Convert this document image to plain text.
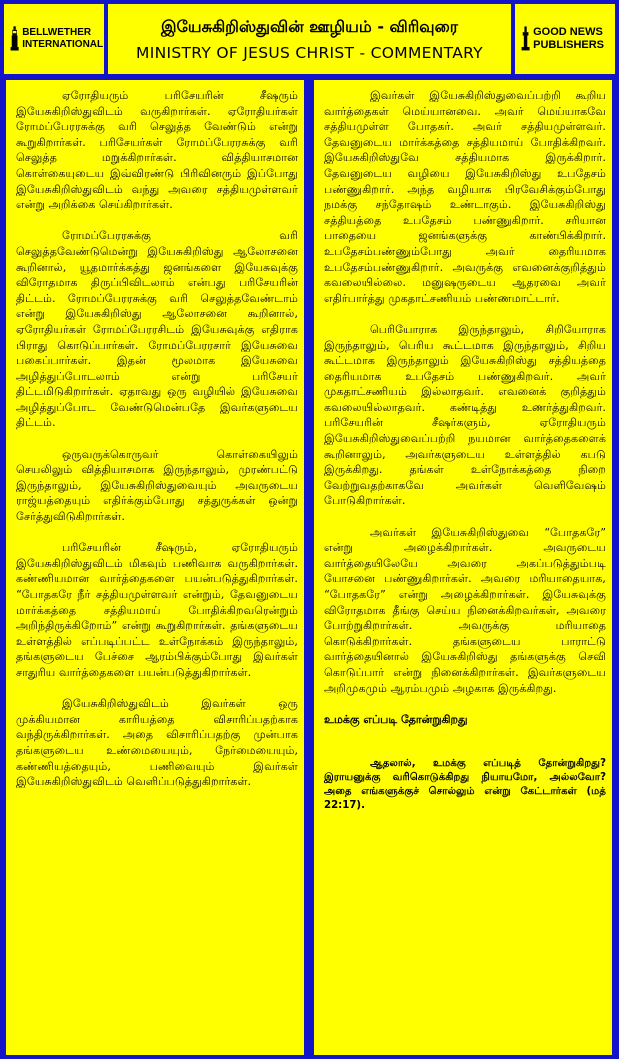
BELLWETHER INTERNATIONAL
இயேசுகிறிஸ்துவின் ஊழியம் - விரிவுரை
MINISTRY OF JESUS CHRIST - COMMENTARY
GOOD NEWS PUBLISHERS

ஏரோதியரும் பரிசேயரின் சீஷரும் இயேசுகிறிஸ்துவிடம் வருகிறார்கள். ஏரோதியர்கள் ரோமப்பேரரசுக்கு வரி செலுத்த வேண்டும் என்று கூறுகிறார்கள். பரிசேயர்கள் ரோமப்பேரரசுக்கு வரி செலுத்த மறுக்கிறார்கள். வித்தியாசமான கொள்கையுடைய இவ்விரண்டு பிரிவினரும் இப்போது இயேசுகிறிஸ்துவிடம் வந்து அவரை சத்தியமுள்ளவர் என்று அறிக்கை செய்கிறார்கள்.

ரோமப்பேரரசுக்கு வரி செலுத்தவேண்டுமென்று இயேசுகிறிஸ்து ஆலோசனை கூறினால், யூதமார்க்கத்து ஜனங்களை இயேசுவுக்கு விரோதமாக திருப்பிவிடலாம் என்பது பரிசேயரின் திட்டம். ரோமப்பேரரசுக்கு வரி செலுத்தவேண்டாம் என்று இயேசுகிறிஸ்து ஆலோசனை கூறினால், ஏரோதியர்கள் ரோமப்பேரரசிடம் இயேசுவுக்கு எதிராக பிராது கொடுப்பார்கள். ரோமப்பேரரசார் இயேசுவை பகைப்பார்கள். இதன் மூலமாக இயேசுவை அழித்துப்போடலாம் என்று பரிசேயர் திட்டமிடுகிறார்கள். ஏதாவது ஒரு வழியில் இயேசுவை அழித்துப்போட வேண்டுமென்பதே இவர்களுடைய திட்டம்.

ஒருவருக்கொருவர் கொள்கையிலும் செயலிலும் வித்தியாசமாக இருந்தாலும், முரண்பட்டு இருந்தாலும், இயேசுகிறிஸ்துவையும் அவருடைய ராஜ்யத்தையும் எதிர்க்கும்போது சத்துருக்கள் ஒன்று சேர்த்துவிடுகிறார்கள்.

பரிசேயரின் சீஷரும், ஏரோதியரும் இயேசுகிறிஸ்துவிடம் மிகவும் பணிவாக வருகிறார்கள். கண்ணியமான வார்த்தைகளை பயன்படுத்துகிறார்கள். “போதகரே நீர் சத்தியமுள்ளவர் என்றும், தேவனுடைய மார்க்கத்தை சத்தியமாய் போதிக்கிறவரென்றும் அறிந்திருக்கிறோம்” என்று கூறுகிறார்கள். தங்களுடைய உள்ளத்தில் எப்படிப்பட்ட உள்நோக்கம் இருந்தாலும், தங்களுடைய பேச்சை ஆரம்பிக்கும்போது இவர்கள் சாதுரிய வார்த்தைகளை பயன்படுத்துகிறார்கள்.

இயேசுகிறிஸ்துவிடம் இவர்கள் ஒரு முக்கியமான காரியத்தை விசாரிப்பதற்காக வந்திருக்கிறார்கள். அதை விசாரிப்பதற்கு முன்பாக தங்களுடைய உண்மையையும், நேர்மையையும், கண்ணியத்தையும், பணிவையும் இவர்கள் இயேசுகிறிஸ்துவிடம் வெளிப்படுத்துகிறார்கள்.

இவர்கள் இயேசுகிறிஸ்துவைப்பற்றி கூறிய வார்த்தைகள் மெய்யானவை. அவர் மெய்யாகவே சத்தியமுள்ள போதகர். அவர் சத்தியமுள்ளவர். தேவனுடைய மார்க்கத்தை சத்தியமாய் போதிக்கிறவர். இயேசுகிறிஸ்துவே சத்தியமாக இருக்கிறார். தேவனுடைய வழியை இயேசுகிறிஸ்து உபதேசம் பண்ணுகிறார். அந்த வழியாக பிரவேசிக்கும்போது நமக்கு சந்தோஷம் உண்டாகும். இயேசுகிறிஸ்து சத்தியத்தை உபதேசம் பண்ணுகிறார். சரியான பாதையை ஜனங்களுக்கு காண்பிக்கிறார். உபதேசம்பண்ணும்போது அவர் தைரியமாக உபதேசம்பண்ணுகிறார். அவருக்கு எவனைக்குறித்தும் கவலையில்லை. மனுஷருடைய ஆதரவை அவர் எதிர்பார்த்து முகதாட்சணியம் பண்ணமாட்டார்.

பெரியோராக இருந்தாலும், சிறியோராக இருந்தாலும், பெரிய கூட்டமாக இருந்தாலும், சிறிய கூட்டமாக இருந்தாலும் இயேசுகிறிஸ்து சத்தியத்தை தைரியமாக உபதேசம் பண்ணுகிறவர். அவர் முகதாட்சணியம் இல்லாதவர். எவனைக் குறித்தும் கவலையில்லாதவர். கண்டித்து உணர்த்துகிறவர். பரிசேயரின் சீஷர்களும், ஏரோதியரும் இயேசுகிறிஸ்துவைப்பற்றி நயமான வார்த்தைகளைக் கூறினாலும், அவர்களுடைய உள்ளத்தில் கபடு இருக்கிறது. தங்கள் உள்நோக்கத்தை நிறை வேற்றுவதற்காகவே அவர்கள் வெளிவேஷம் போடுகிறார்கள்.

அவர்கள் இயேசுகிறிஸ்துவை “போதகரே” என்று அழைக்கிறார்கள். அவருடைய வார்த்தையிலேயே அவரை அகப்படுத்தும்படி யோசனை பண்ணுகிறார்கள். அவரை மரியாதையாக, “போதகரே” என்று அழைக்கிறார்கள். இயேசுவுக்கு விரோதமாக தீங்கு செய்ய நினைக்கிறவர்கள், அவரை போற்றுகிறார்கள். அவருக்கு மரியாதை கொடுக்கிறார்கள். தங்களுடைய பாராட்டு வார்த்தையினால் இயேசுகிறிஸ்து தங்களுக்கு செவி கொடுப்பார் என்று நினைக்கிறார்கள். இவர்களுடைய அறிமுகமும் ஆரம்பமும் அழகாக இருக்கிறது.

உமக்கு எப்படி தோன்றுகிறது

ஆதலால், உமக்கு எப்படித் தோன்றுகிறது? இராயனுக்கு வரிகொடுக்கிறது நியாயமோ, அல்லவோ? அதை எங்களுக்குச் சொல்லும் என்று கேட்டார்கள் (மத் 22:17).
